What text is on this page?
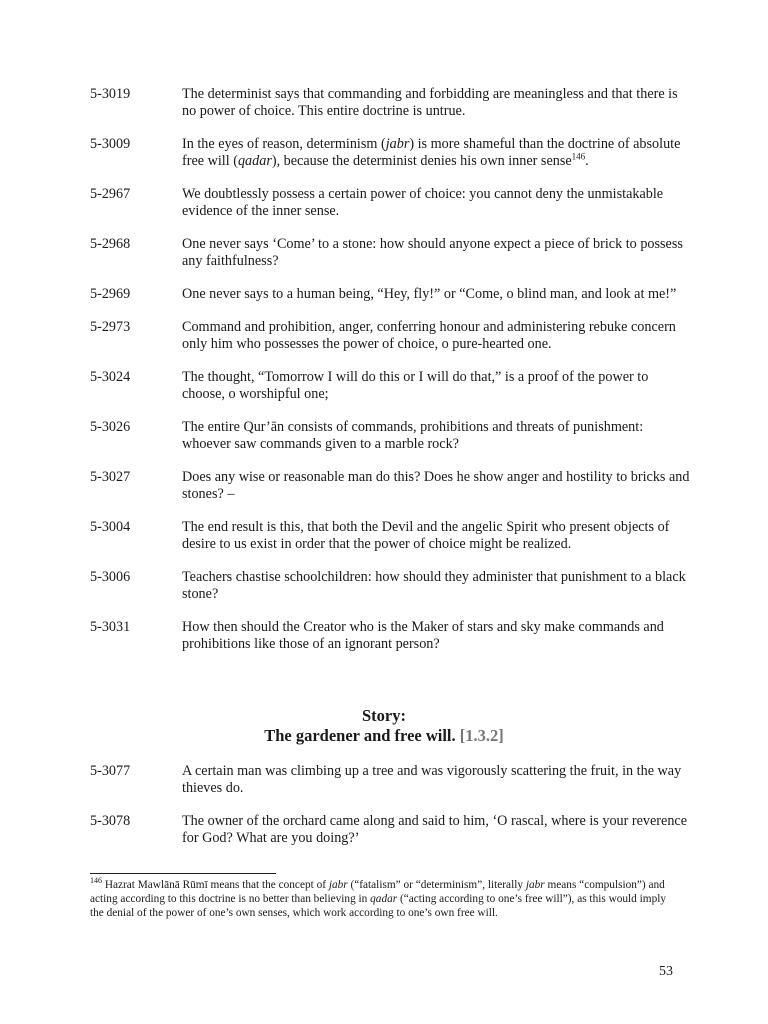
5-3019	The determinist says that commanding and forbidding are meaningless and that there is no power of choice. This entire doctrine is untrue.
5-3009	In the eyes of reason, determinism (jabr) is more shameful than the doctrine of absolute free will (qadar), because the determinist denies his own inner sense$^{146}$.
5-2967	We doubtlessly possess a certain power of choice: you cannot deny the unmistakable evidence of the inner sense.
5-2968	One never says ‘Come’ to a stone: how should anyone expect a piece of brick to possess any faithfulness?
5-2969	One never says to a human being, “Hey, fly!” or “Come, o blind man, and look at me!”
5-2973	Command and prohibition, anger, conferring honour and administering rebuke concern only him who possesses the power of choice, o pure-hearted one.
5-3024	The thought, “Tomorrow I will do this or I will do that,” is a proof of the power to choose, o worshipful one;
5-3026	The entire Qur’ān consists of commands, prohibitions and threats of punishment: whoever saw commands given to a marble rock?
5-3027	Does any wise or reasonable man do this? Does he show anger and hostility to bricks and stones? –
5-3004	The end result is this, that both the Devil and the angelic Spirit who present objects of desire to us exist in order that the power of choice might be realized.
5-3006	Teachers chastise schoolchildren: how should they administer that punishment to a black stone?
5-3031	How then should the Creator who is the Maker of stars and sky make commands and prohibitions like those of an ignorant person?
Story:
The gardener and free will. [1.3.2]
5-3077	A certain man was climbing up a tree and was vigorously scattering the fruit, in the way thieves do.
5-3078	The owner of the orchard came along and said to him, ‘O rascal, where is your reverence for God? What are you doing?’
$^{146}$ Hazrat Mawlānā Rūmī means that the concept of jabr (“fatalism” or “determinism”, literally jabr means “compulsion”) and acting according to this doctrine is no better than believing in qadar (“acting according to one’s free will”), as this would imply the denial of the power of one’s own senses, which work according to one’s own free will.
53
